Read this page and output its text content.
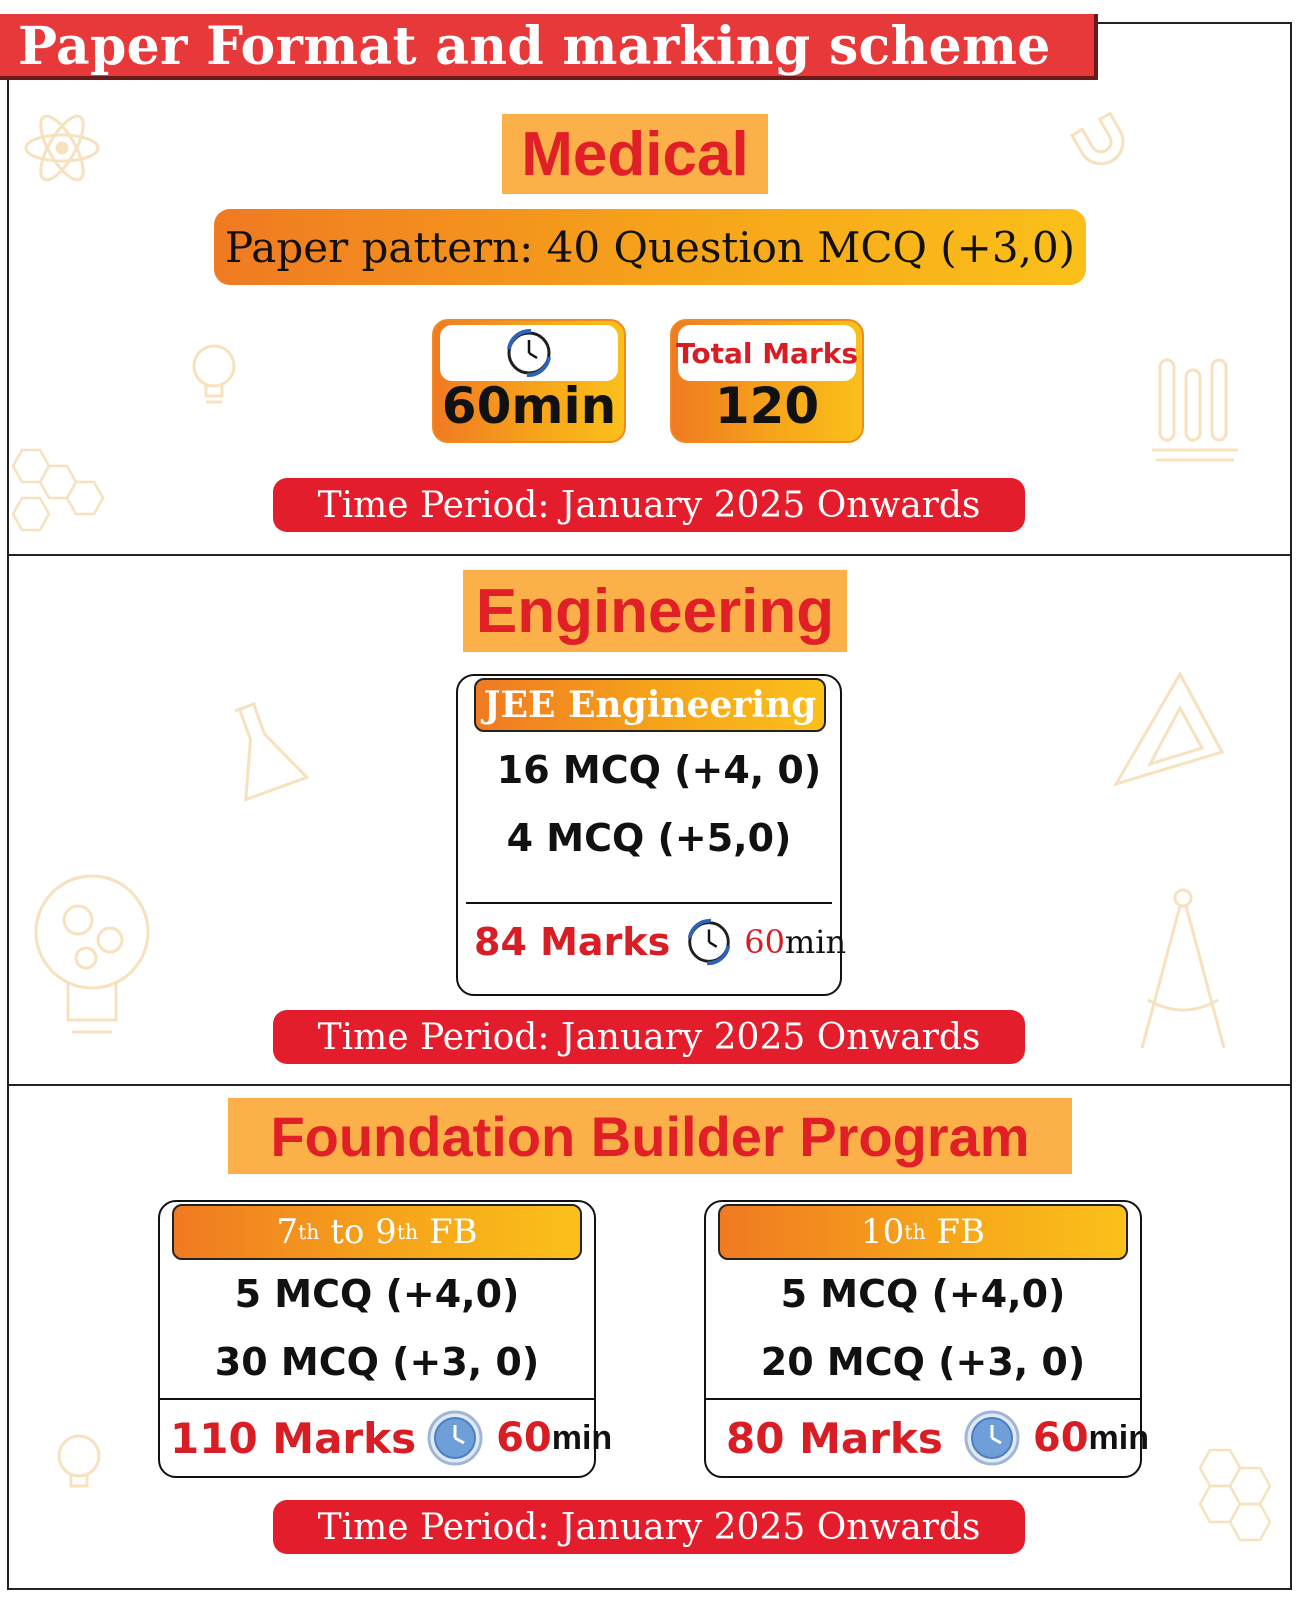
Paper Format and marking scheme
Medical
Paper pattern: 40 Question MCQ (+3,0)
60min
Total Marks
120
Time Period: January 2025 Onwards
Engineering
JEE Engineering
16 MCQ (+4, 0)
4 MCQ (+5,0)
84 Marks 60min
Time Period: January 2025 Onwards
Foundation Builder Program
7 th to 9 th FB
5 MCQ (+4,0)
30 MCQ (+3, 0)
110 Marks 60 min
10 th FB
5 MCQ (+4,0)
20 MCQ (+3, 0)
80 Marks 60 min
Time Period: January 2025 Onwards
